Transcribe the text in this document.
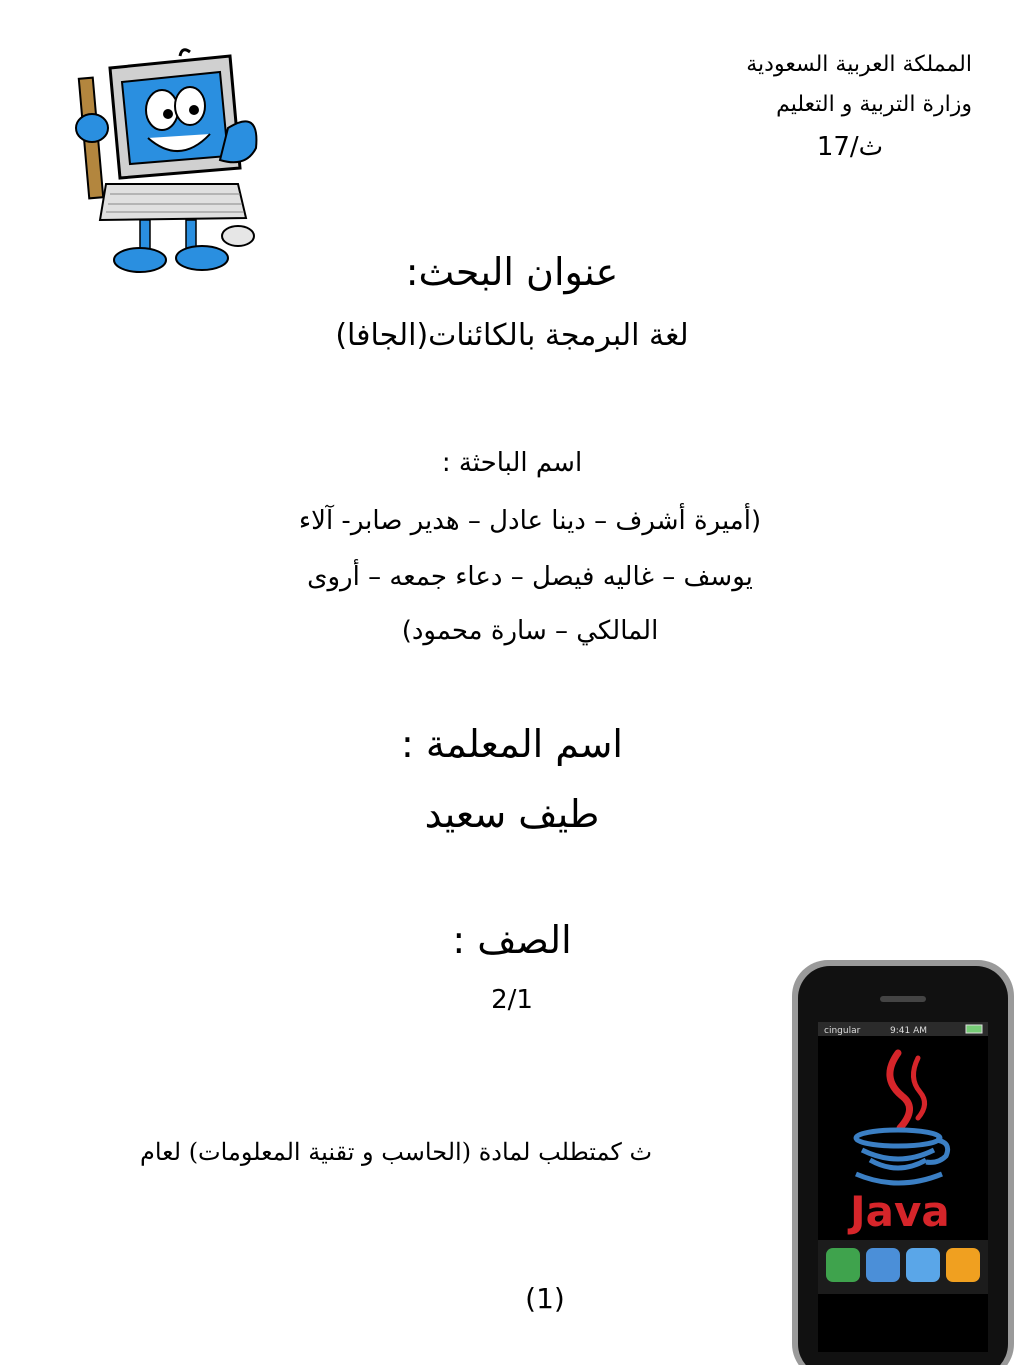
المملكة العربية السعودية
وزارة التربية و التعليم
ث/17
عنوان البحث:
لغة البرمجة بالكائنات(الجافا)
اسم الباحثة :
(أميرة أشرف – دينا عادل – هدير صابر- آلاء
يوسف – غاليه فيصل – دعاء جمعه – أروى
المالكي – سارة محمود)
اسم المعلمة :
طيف سعيد
الصف :
2/1
ث كمتطلب لمادة (الحاسب و تقنية المعلومات) لعام
cingular	9:41 AM
Java
(1)
